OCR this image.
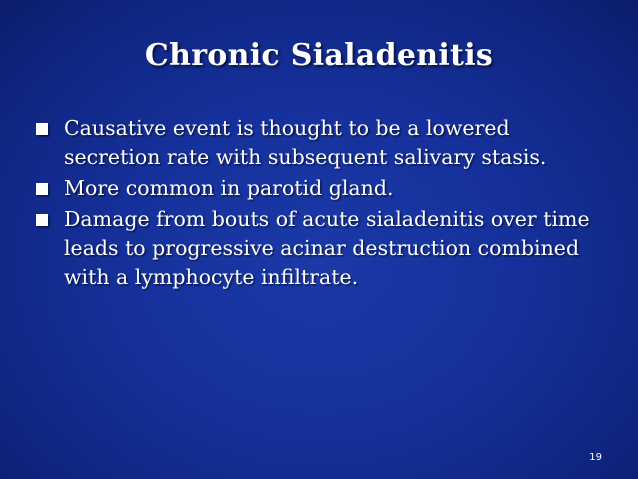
Chronic Sialadenitis
Causative event is thought to be a lowered secretion rate with subsequent salivary stasis.
More common in parotid gland.
Damage from bouts of acute sialadenitis over time leads to progressive acinar destruction combined with a lymphocyte infiltrate.
19
